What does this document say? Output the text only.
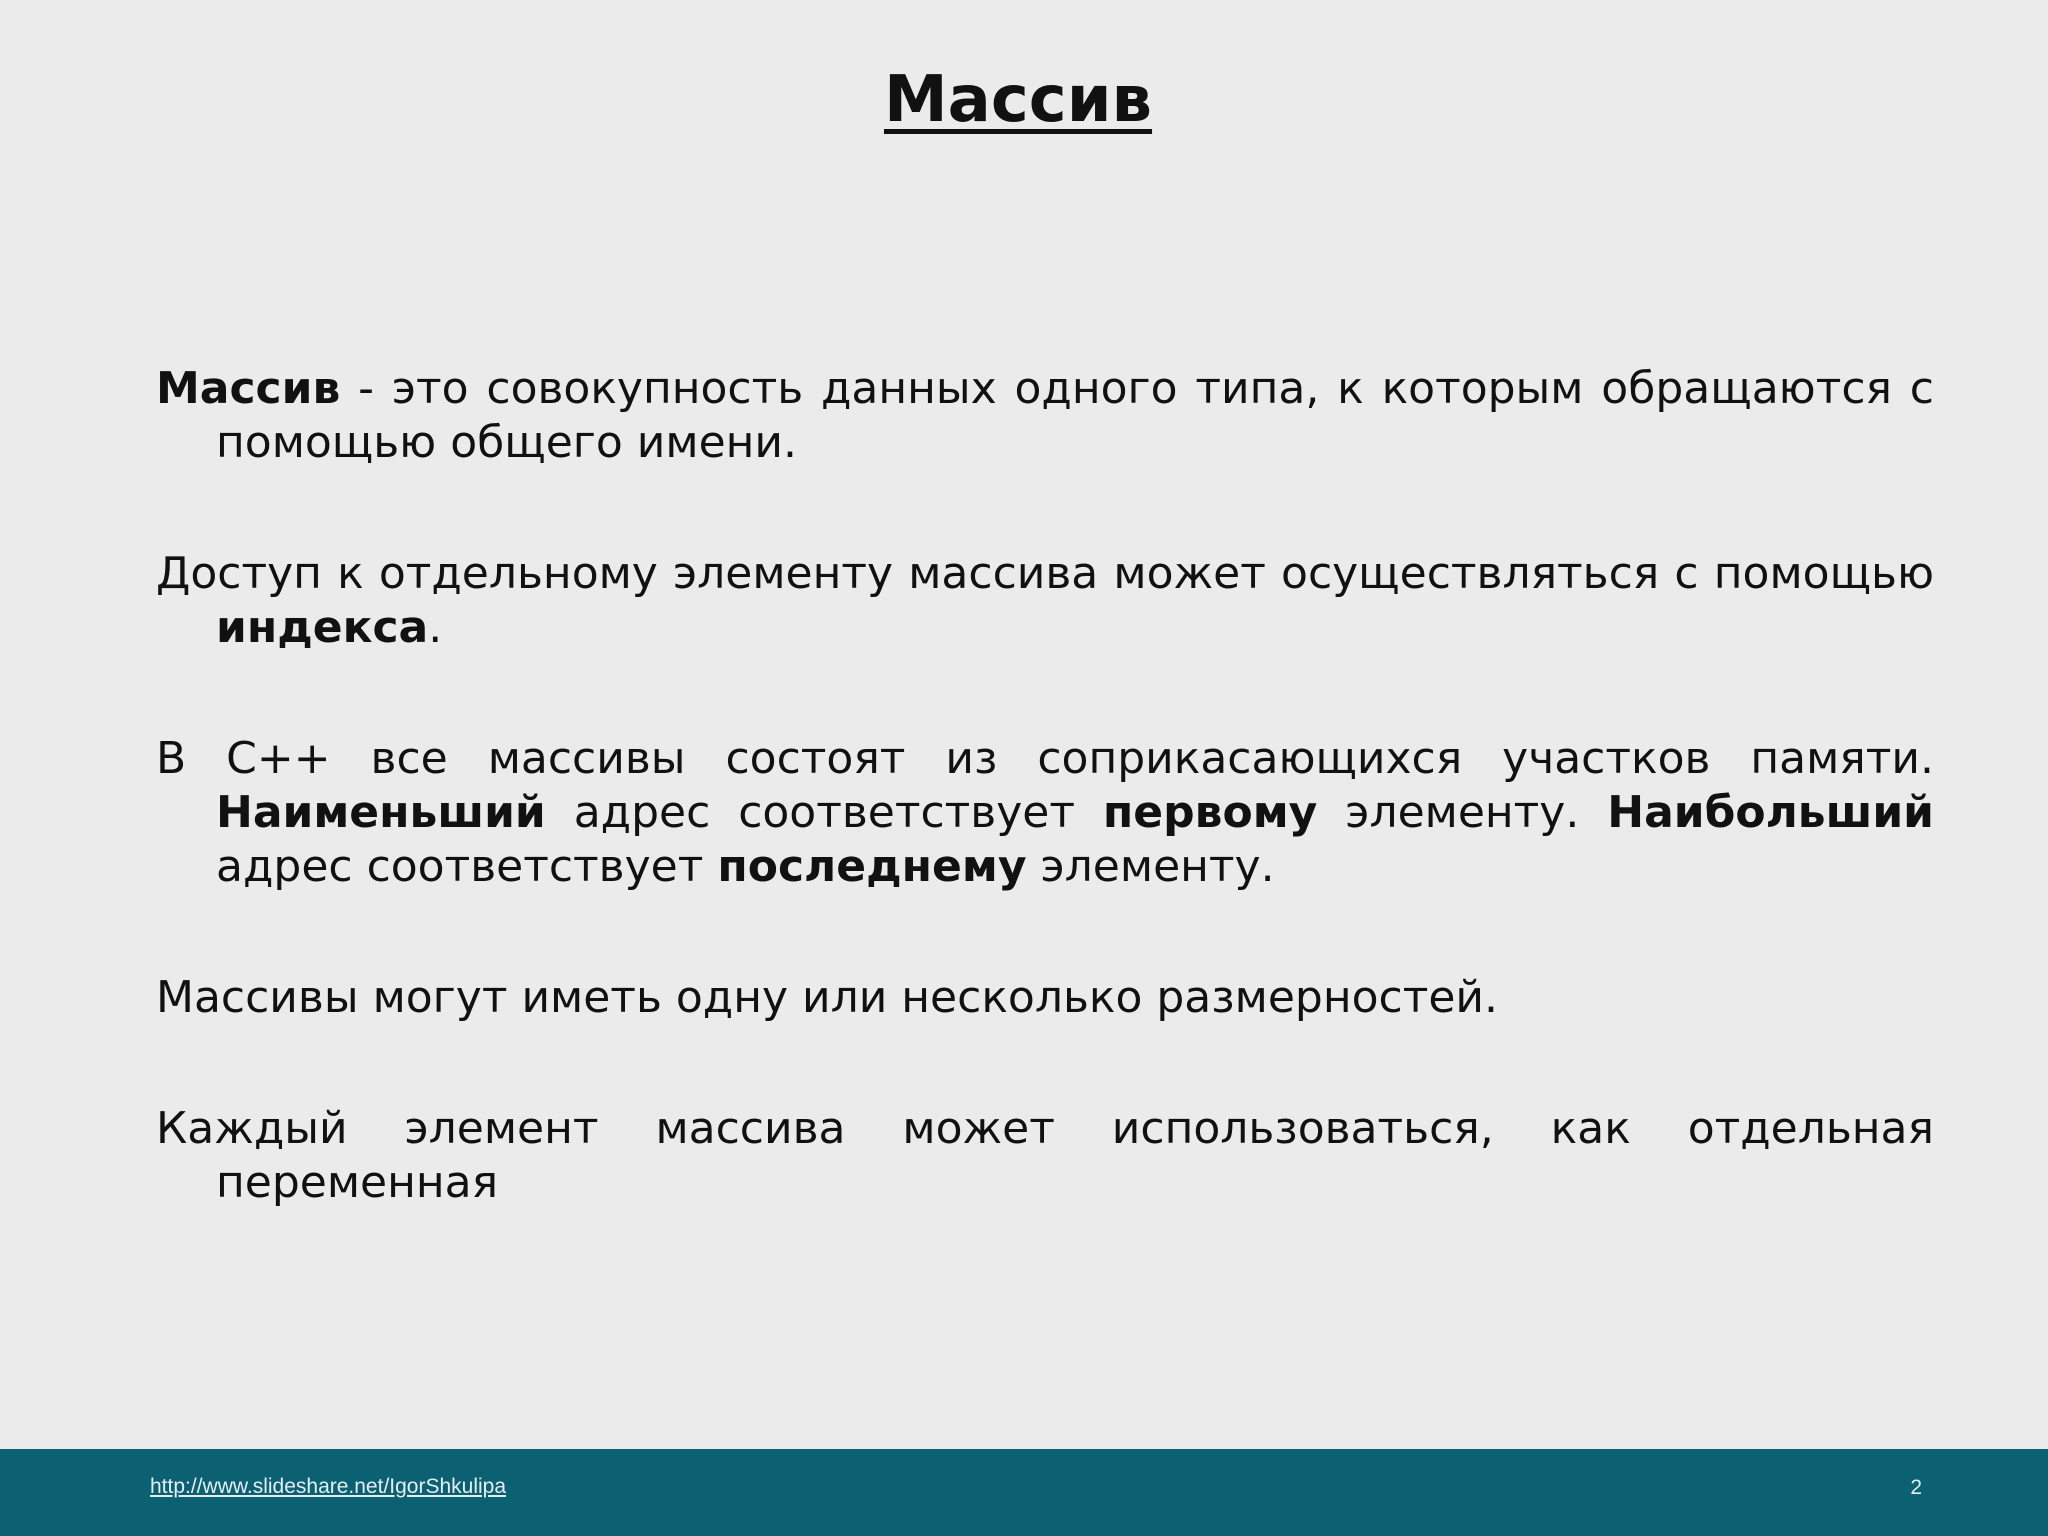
Массив

Массив - это совокупность данных одного типа, к которым обращаются с помощью общего имени.

Доступ к отдельному элементу массива может осуществляться с помощью индекса.

В C++ все массивы состоят из соприкасающихся участков памяти. Наименьший адрес соответствует первому элементу. Наибольший адрес соответствует последнему элементу.

Массивы могут иметь одну или несколько размерностей.

Каждый элемент массива может использоваться, как отдельная переменная

http://www.slideshare.net/IgorShkulipa	2
